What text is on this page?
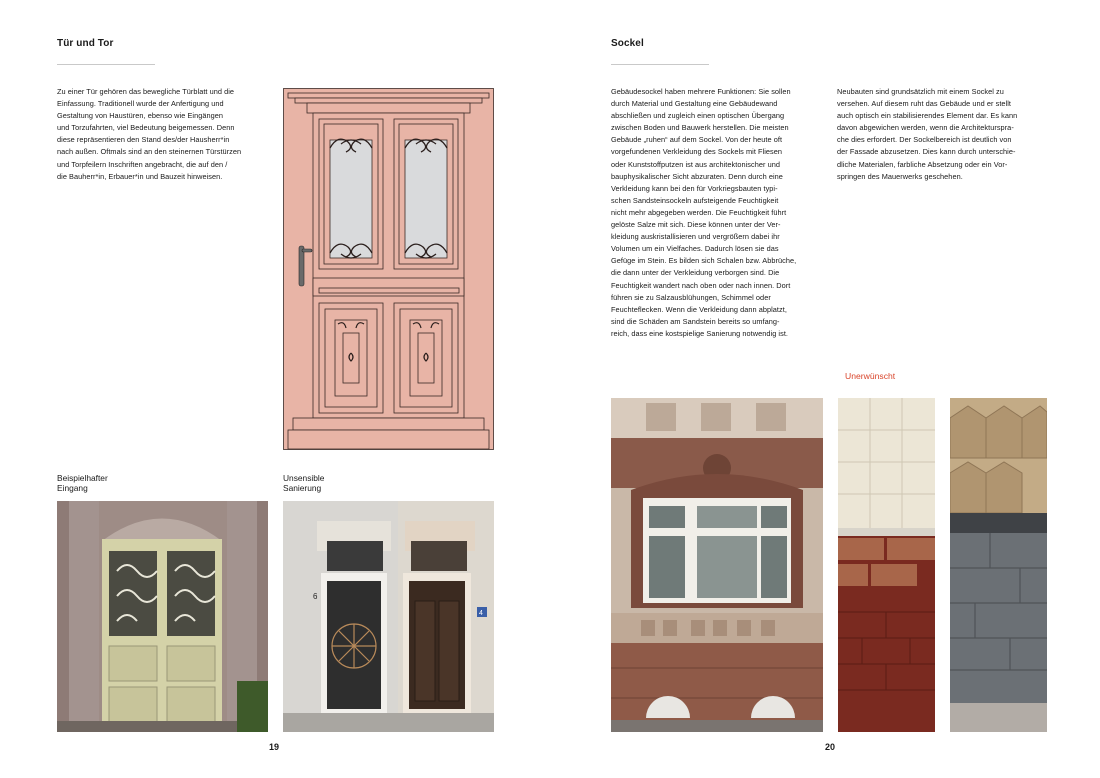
Tür und Tor
Zu einer Tür gehören das bewegliche Türblatt und die
Einfassung. Traditionell wurde der Anfertigung und
Gestaltung von Haustüren, ebenso wie Eingängen
und Torzufahrten, viel Bedeutung beigemessen. Denn
diese repräsentieren den Stand des/der Hausherr*in
nach außen. Oftmals sind an den steinernen Türstürzen
und Torpfeilern Inschriften angebracht, die auf den /
die Bauherr*in, Erbauer*in und Bauzeit hinweisen.
Beispielhafter
Eingang
Unsensible
Sanierung
6
4
19
Sockel
Gebäudesockel haben mehrere Funktionen: Sie sollen
durch Material und Gestaltung eine Gebäudewand
abschließen und zugleich einen optischen Übergang
zwischen Boden und Bauwerk herstellen. Die meisten
Gebäude „ruhen“ auf dem Sockel. Von der heute oft
vorgefundenen Verkleidung des Sockels mit Fliesen
oder Kunststoffputzen ist aus architektonischer und
bauphysikalischer Sicht abzuraten. Denn durch eine
Verkleidung kann bei den für Vorkriegsbauten typi-
schen Sandsteinsockeln aufsteigende Feuchtigkeit
nicht mehr abgegeben werden. Die Feuchtigkeit führt
gelöste Salze mit sich. Diese können unter der Ver-
kleidung auskristallisieren und vergrößern dabei ihr
Volumen um ein Vielfaches. Dadurch lösen sie das
Gefüge im Stein. Es bilden sich Schalen bzw. Abbrüche,
die dann unter der Verkleidung verborgen sind. Die
Feuchtigkeit wandert nach oben oder nach innen. Dort
führen sie zu Salzausblühungen, Schimmel oder
Feuchteflecken. Wenn die Verkleidung dann abplatzt,
sind die Schäden am Sandstein bereits so umfang-
reich, dass eine kostspielige Sanierung notwendig ist.
Neubauten sind grundsätzlich mit einem Sockel zu
versehen. Auf diesem ruht das Gebäude und er stellt
auch optisch ein stabilisierendes Element dar. Es kann
davon abgewichen werden, wenn die Architekturspra-
che dies erfordert. Der Sockelbereich ist deutlich von
der Fassade abzusetzen. Dies kann durch unterschie-
dliche Materialen, farbliche Absetzung oder ein Vor-
springen des Mauerwerks geschehen.
Unerwünscht
20
